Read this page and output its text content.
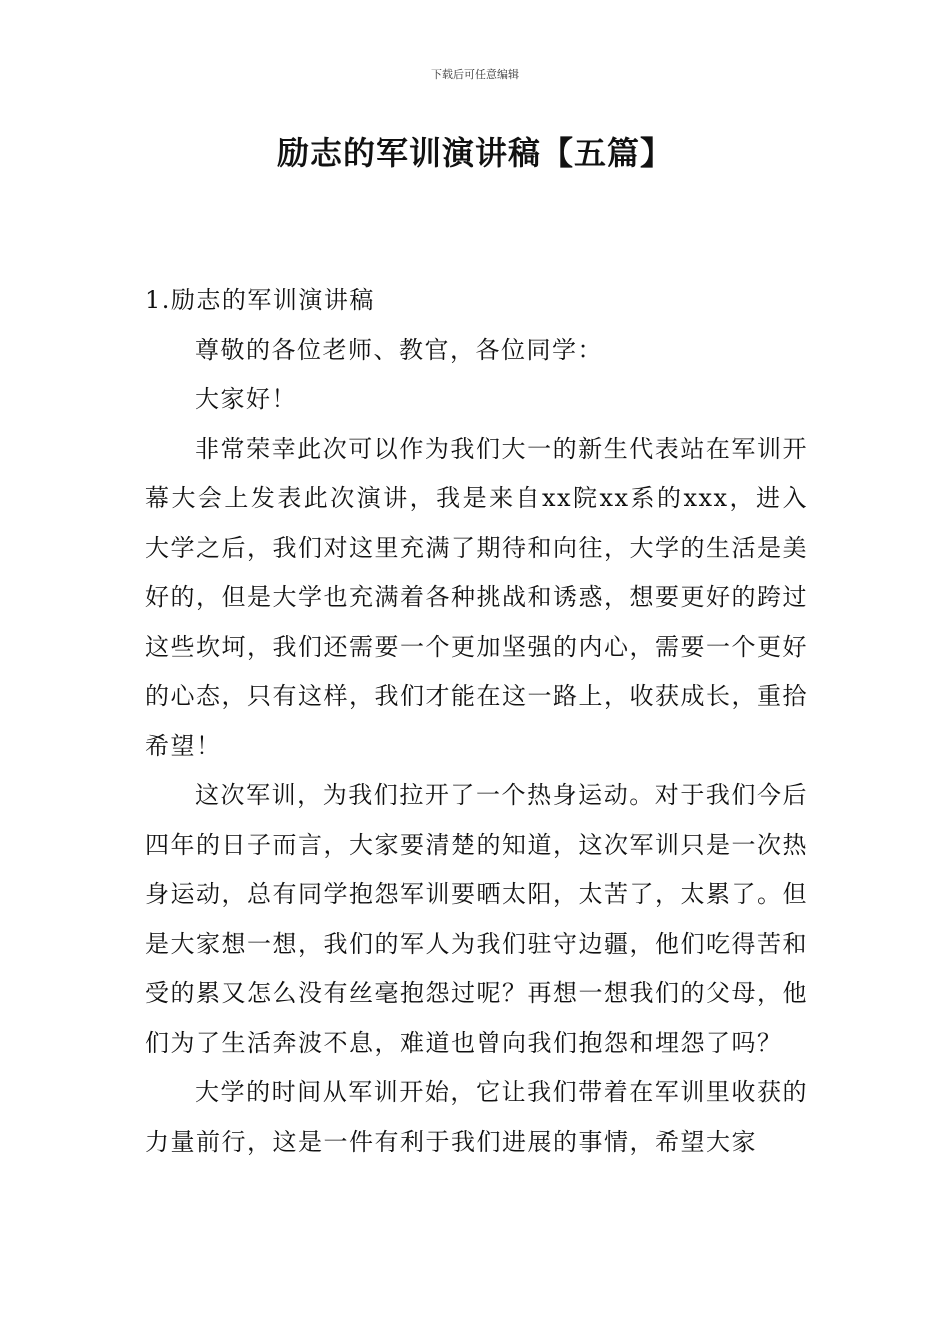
下载后可任意编辑
励志的军训演讲稿【五篇】

1.励志的军训演讲稿

尊敬的各位老师、教官，各位同学：

大家好！

非常荣幸此次可以作为我们大一的新生代表站在军训开幕大会上发表此次演讲，我是来自xx院xx系的xxx，进入大学之后，我们对这里充满了期待和向往，大学的生活是美好的，但是大学也充满着各种挑战和诱惑，想要更好的跨过这些坎坷，我们还需要一个更加坚强的内心，需要一个更好的心态，只有这样，我们才能在这一路上，收获成长，重拾希望！

这次军训，为我们拉开了一个热身运动。对于我们今后四年的日子而言，大家要清楚的知道，这次军训只是一次热身运动，总有同学抱怨军训要晒太阳，太苦了，太累了。但是大家想一想，我们的军人为我们驻守边疆，他们吃得苦和受的累又怎么没有丝毫抱怨过呢？再想一想我们的父母，他们为了生活奔波不息，难道也曾向我们抱怨和埋怨了吗？

大学的时间从军训开始，它让我们带着在军训里收获的力量前行，这是一件有利于我们进展的事情，希望大家
